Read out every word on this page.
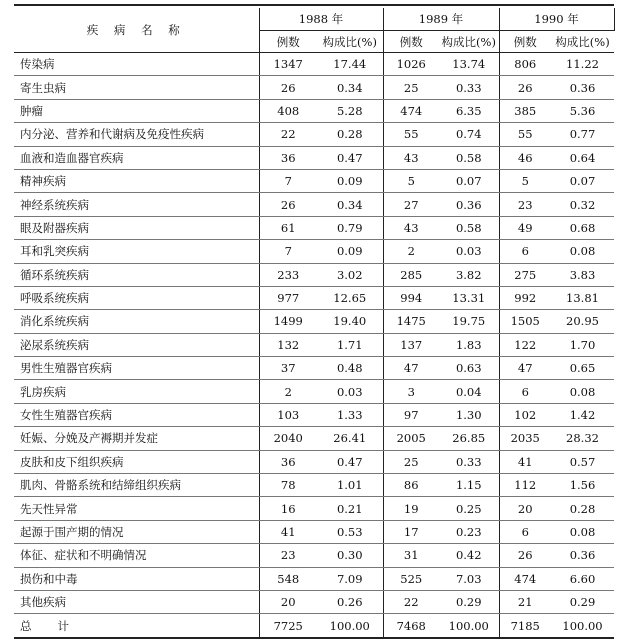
疾 病 名 称	1988 年		1989 年		1990 年	
	例数	构成比(%)	例数	构成比(%)	例数	构成比(%)
传染病	1347	17.44	1026	13.74	806	11.22
寄生虫病	26	0.34	25	0.33	26	0.36
肿瘤	408	5.28	474	6.35	385	5.36
内分泌、营养和代谢病及免疫性疾病	22	0.28	55	0.74	55	0.77
血液和造血器官疾病	36	0.47	43	0.58	46	0.64
精神疾病	7	0.09	5	0.07	5	0.07
神经系统疾病	26	0.34	27	0.36	23	0.32
眼及附器疾病	61	0.79	43	0.58	49	0.68
耳和乳突疾病	7	0.09	2	0.03	6	0.08
循环系统疾病	233	3.02	285	3.82	275	3.83
呼吸系统疾病	977	12.65	994	13.31	992	13.81
消化系统疾病	1499	19.40	1475	19.75	1505	20.95
泌尿系统疾病	132	1.71	137	1.83	122	1.70
男性生殖器官疾病	37	0.48	47	0.63	47	0.65
乳房疾病	2	0.03	3	0.04	6	0.08
女性生殖器官疾病	103	1.33	97	1.30	102	1.42
妊娠、分娩及产褥期并发症	2040	26.41	2005	26.85	2035	28.32
皮肤和皮下组织疾病	36	0.47	25	0.33	41	0.57
肌肉、骨骼系统和结缔组织疾病	78	1.01	86	1.15	112	1.56
先天性异常	16	0.21	19	0.25	20	0.28
起源于围产期的情况	41	0.53	17	0.23	6	0.08
体征、症状和不明确情况	23	0.30	31	0.42	26	0.36
损伤和中毒	548	7.09	525	7.03	474	6.60
其他疾病	20	0.26	22	0.29	21	0.29
总计	7725	100.00	7468	100.00	7185	100.00
